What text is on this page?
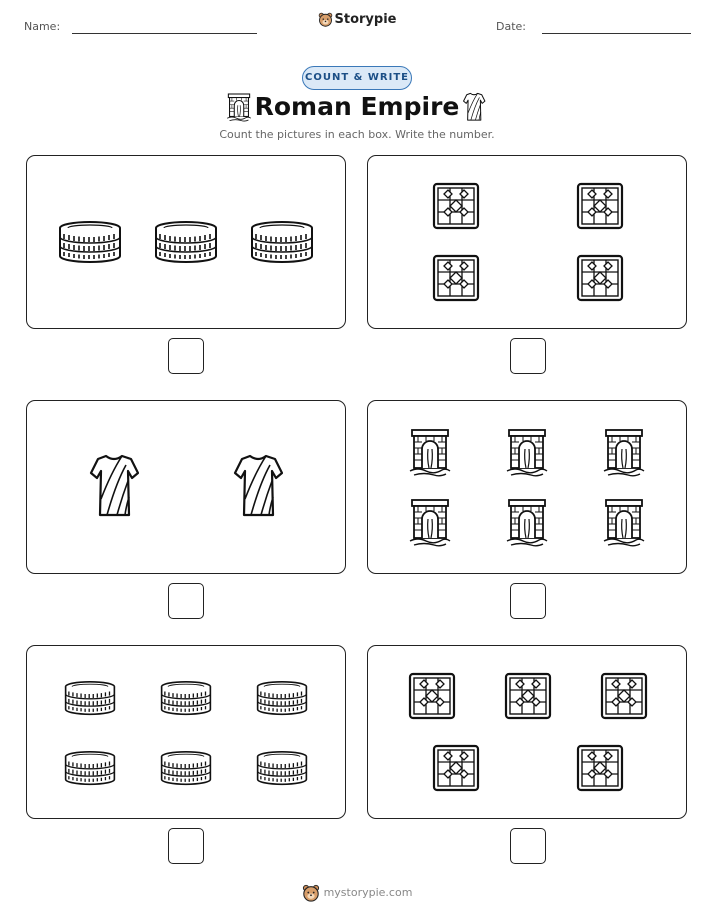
Name:	Storypie	Date:
COUNT & WRITE
Roman Empire
Count the pictures in each box. Write the number.
mystorypie.com
